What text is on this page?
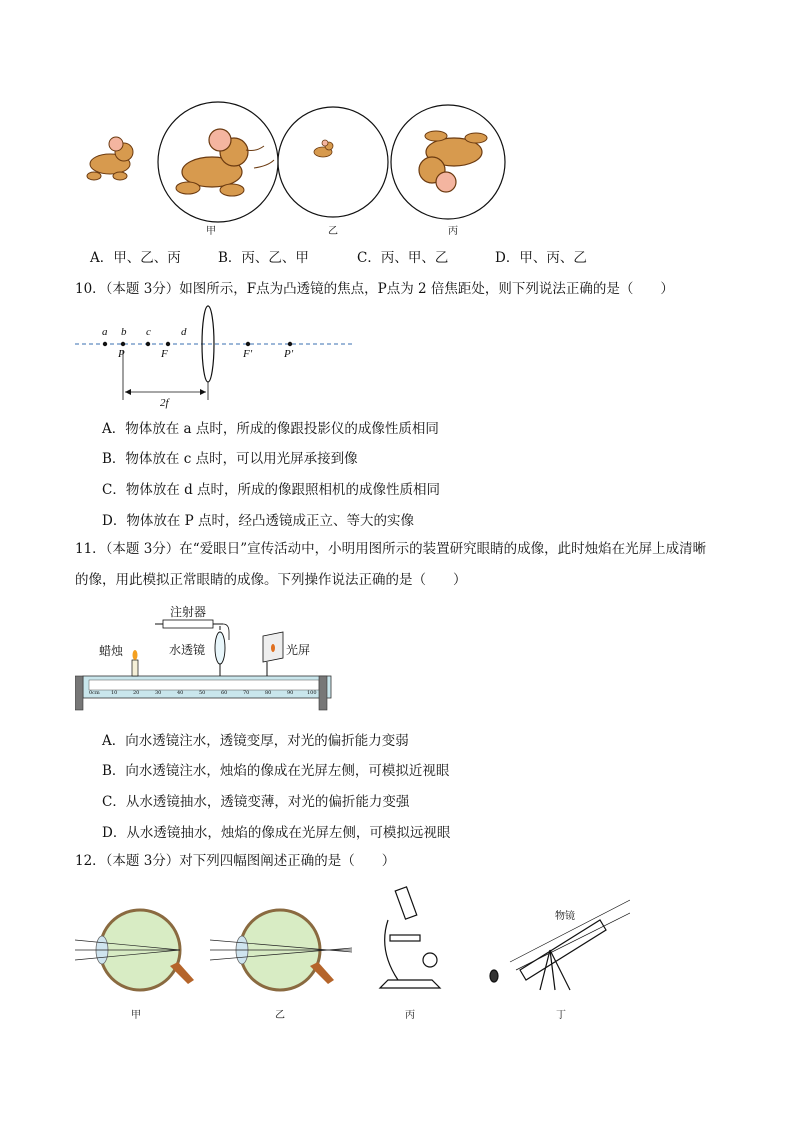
甲	乙	丙
A．甲、乙、丙	B．丙、乙、甲	C．丙、甲、乙	D．甲、丙、乙
10．（本题 3分）如图所示，F点为凸透镜的焦点，P点为 2 倍焦距处，则下列说法正确的是（　　）
a b c	d
P	F	F′	P′
2f
A．物体放在 a 点时，所成的像跟投影仪的成像性质相同
B．物体放在 c 点时，可以用光屏承接到像
C．物体放在 d 点时，所成的像跟照相机的成像性质相同
D．物体放在 P 点时，经凸透镜成正立、等大的实像
11．（本题 3分）在“爱眼日”宣传活动中，小明用图所示的装置研究眼睛的成像，此时烛焰在光屏上成清晰
的像，用此模拟正常眼睛的成像。下列操作说法正确的是（　　）
0cm 10	20	30	40	50	60	70	80	90	100
注射器
蜡烛	水透镜	光屏
A．向水透镜注水，透镜变厚，对光的偏折能力变弱
B．向水透镜注水，烛焰的像成在光屏左侧，可模拟近视眼
C．从水透镜抽水，透镜变薄，对光的偏折能力变强
D．从水透镜抽水，烛焰的像成在光屏左侧，可模拟远视眼
12．（本题 3分）对下列四幅图阐述正确的是（　　）
物镜
甲	乙	丙	丁
